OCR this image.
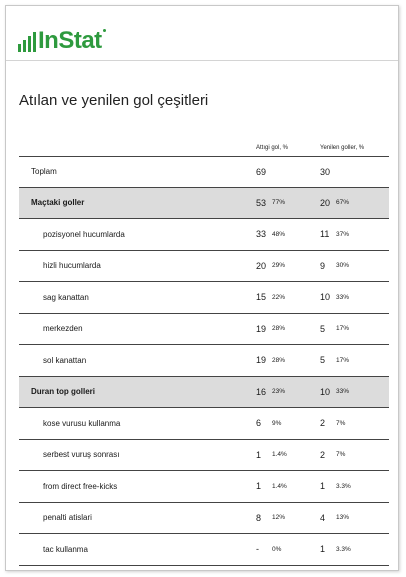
InStat
Atılan ve yenilen gol çeşitleri
Attıgi gol, %	Yenilen goller, %
Toplam	69	30
Maçtaki goller	53 77%	20 67%
pozisyonel hucumlarda	33 48%	11 37%
hizli hucumlarda	20 29%	9 30%
sag kanattan	15 22%	10 33%
merkezden	19 28%	5 17%
sol kanattan	19 28%	5 17%
Duran top golleri	16 23%	10 33%
kose vurusu kullanma	6 9%	2 7%
serbest vuruş sonrası	1 1.4%	2 7%
from direct free-kicks	1 1.4%	1 3.3%
penalti atislari	8 12%	4 13%
tac kullanma	- 0%	1 3.3%
